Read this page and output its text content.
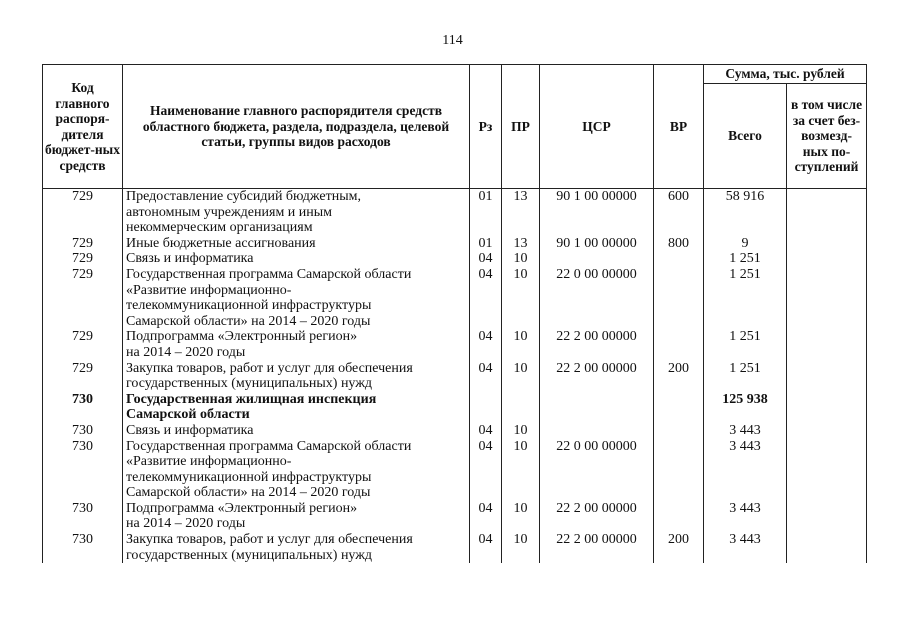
114
Код главного распоря-дителя бюджет-ных средств	Наименование главного распорядителя средств областного бюджета, раздела, подраздела, целевой статьи, группы видов расходов	Рз	ПР	ЦСР	ВР	Сумма, тыс. рублей	
						Всего	в том числе за счет без-возмезд-ных по-ступлений
729	Предоставление субсидий бюджетным,
автономным учреждениям и иным
некоммерческим организациям	01	13	90 1 00 00000	600	58 916	
729	Иные бюджетные ассигнования	01	13	90 1 00 00000	800	9	
729	Связь и информатика	04	10			1 251	
729	Государственная программа Самарской области
«Развитие информационно-
телекоммуникационной инфраструктуры
Самарской области» на 2014 – 2020 годы	04	10	22 0 00 00000		1 251	
729	Подпрограмма «Электронный регион»
на 2014 – 2020 годы	04	10	22 2 00 00000		1 251	
729	Закупка товаров, работ и услуг для обеспечения
государственных (муниципальных) нужд	04	10	22 2 00 00000	200	1 251	
730	Государственная жилищная инспекция
Самарской области					125 938	
730	Связь и информатика	04	10			3 443	
730	Государственная программа Самарской области
«Развитие информационно-
телекоммуникационной инфраструктуры
Самарской области» на 2014 – 2020 годы	04	10	22 0 00 00000		3 443	
730	Подпрограмма «Электронный регион»
на 2014 – 2020 годы	04	10	22 2 00 00000		3 443	
730	Закупка товаров, работ и услуг для обеспечения
государственных (муниципальных) нужд	04	10	22 2 00 00000	200	3 443	
